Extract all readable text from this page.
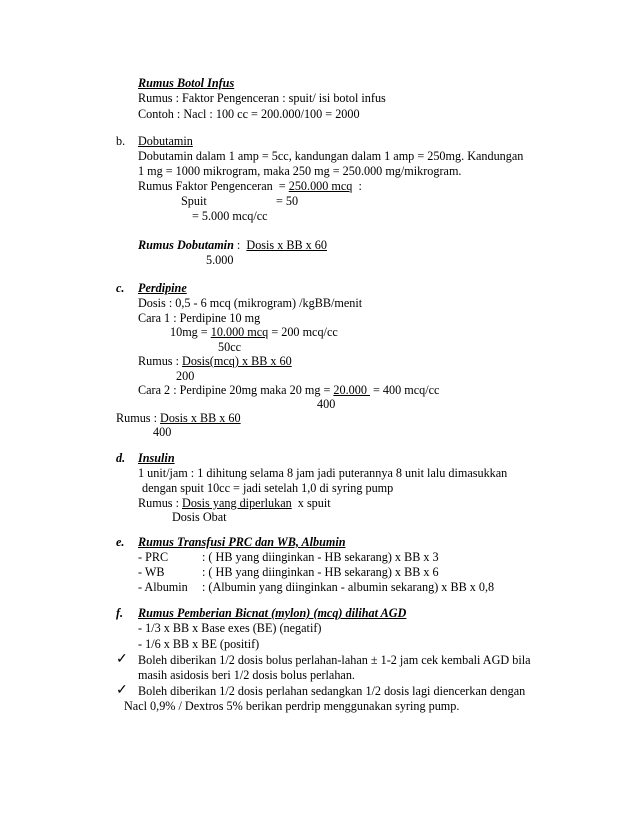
Rumus Botol Infus
Rumus : Faktor Pengenceran : spuit/ isi botol infus
Contoh : Nacl : 100 cc = 200.000/100 = 2000
b. Dobutamin
Dobutamin dalam 1 amp = 5cc, kandungan dalam 1 amp = 250mg. Kandungan
1 mg = 1000 mikrogram, maka 250 mg = 250.000 mg/mikrogram.
Rumus Faktor Pengenceran  = 250.000 mcq  :
Spuit	= 50
= 5.000 mcq/cc
Rumus Dobutamin :  Dosis x BB x 60
5.000
c. Perdipine
Dosis : 0,5 - 6 mcq (mikrogram) /kgBB/menit
Cara 1 : Perdipine 10 mg
10mg = 10.000 mcq = 200 mcq/cc
50cc
Rumus : Dosis(mcq) x BB x 60
200
Cara 2 : Perdipine 20mg maka 20 mg = 20.000  = 400 mcq/cc
400
Rumus : Dosis x BB x 60
400
d. Insulin
1 unit/jam : 1 dihitung selama 8 jam jadi puterannya 8 unit lalu dimasukkan
dengan spuit 10cc = jadi setelah 1,0 di syring pump
Rumus : Dosis yang diperlukan  x spuit
Dosis Obat
e. Rumus Transfusi PRC dan WB, Albumin
- PRC	: ( HB yang diinginkan - HB sekarang) x BB x 3
- WB	: ( HB yang diinginkan - HB sekarang) x BB x 6
- Albumin : (Albumin yang diinginkan - albumin sekarang) x BB x 0,8
f. Rumus Pemberian Bicnat (mylon) (mcq) dilihat AGD
- 1/3 x BB x Base exes (BE) (negatif)
- 1/6 x BB x BE (positif)
✓ Boleh diberikan 1/2 dosis bolus perlahan-lahan ± 1-2 jam cek kembali AGD bila
masih asidosis beri 1/2 dosis bolus perlahan.
✓ Boleh diberikan 1/2 dosis perlahan sedangkan 1/2 dosis lagi diencerkan dengan
Nacl 0,9% / Dextros 5% berikan perdrip menggunakan syring pump.
